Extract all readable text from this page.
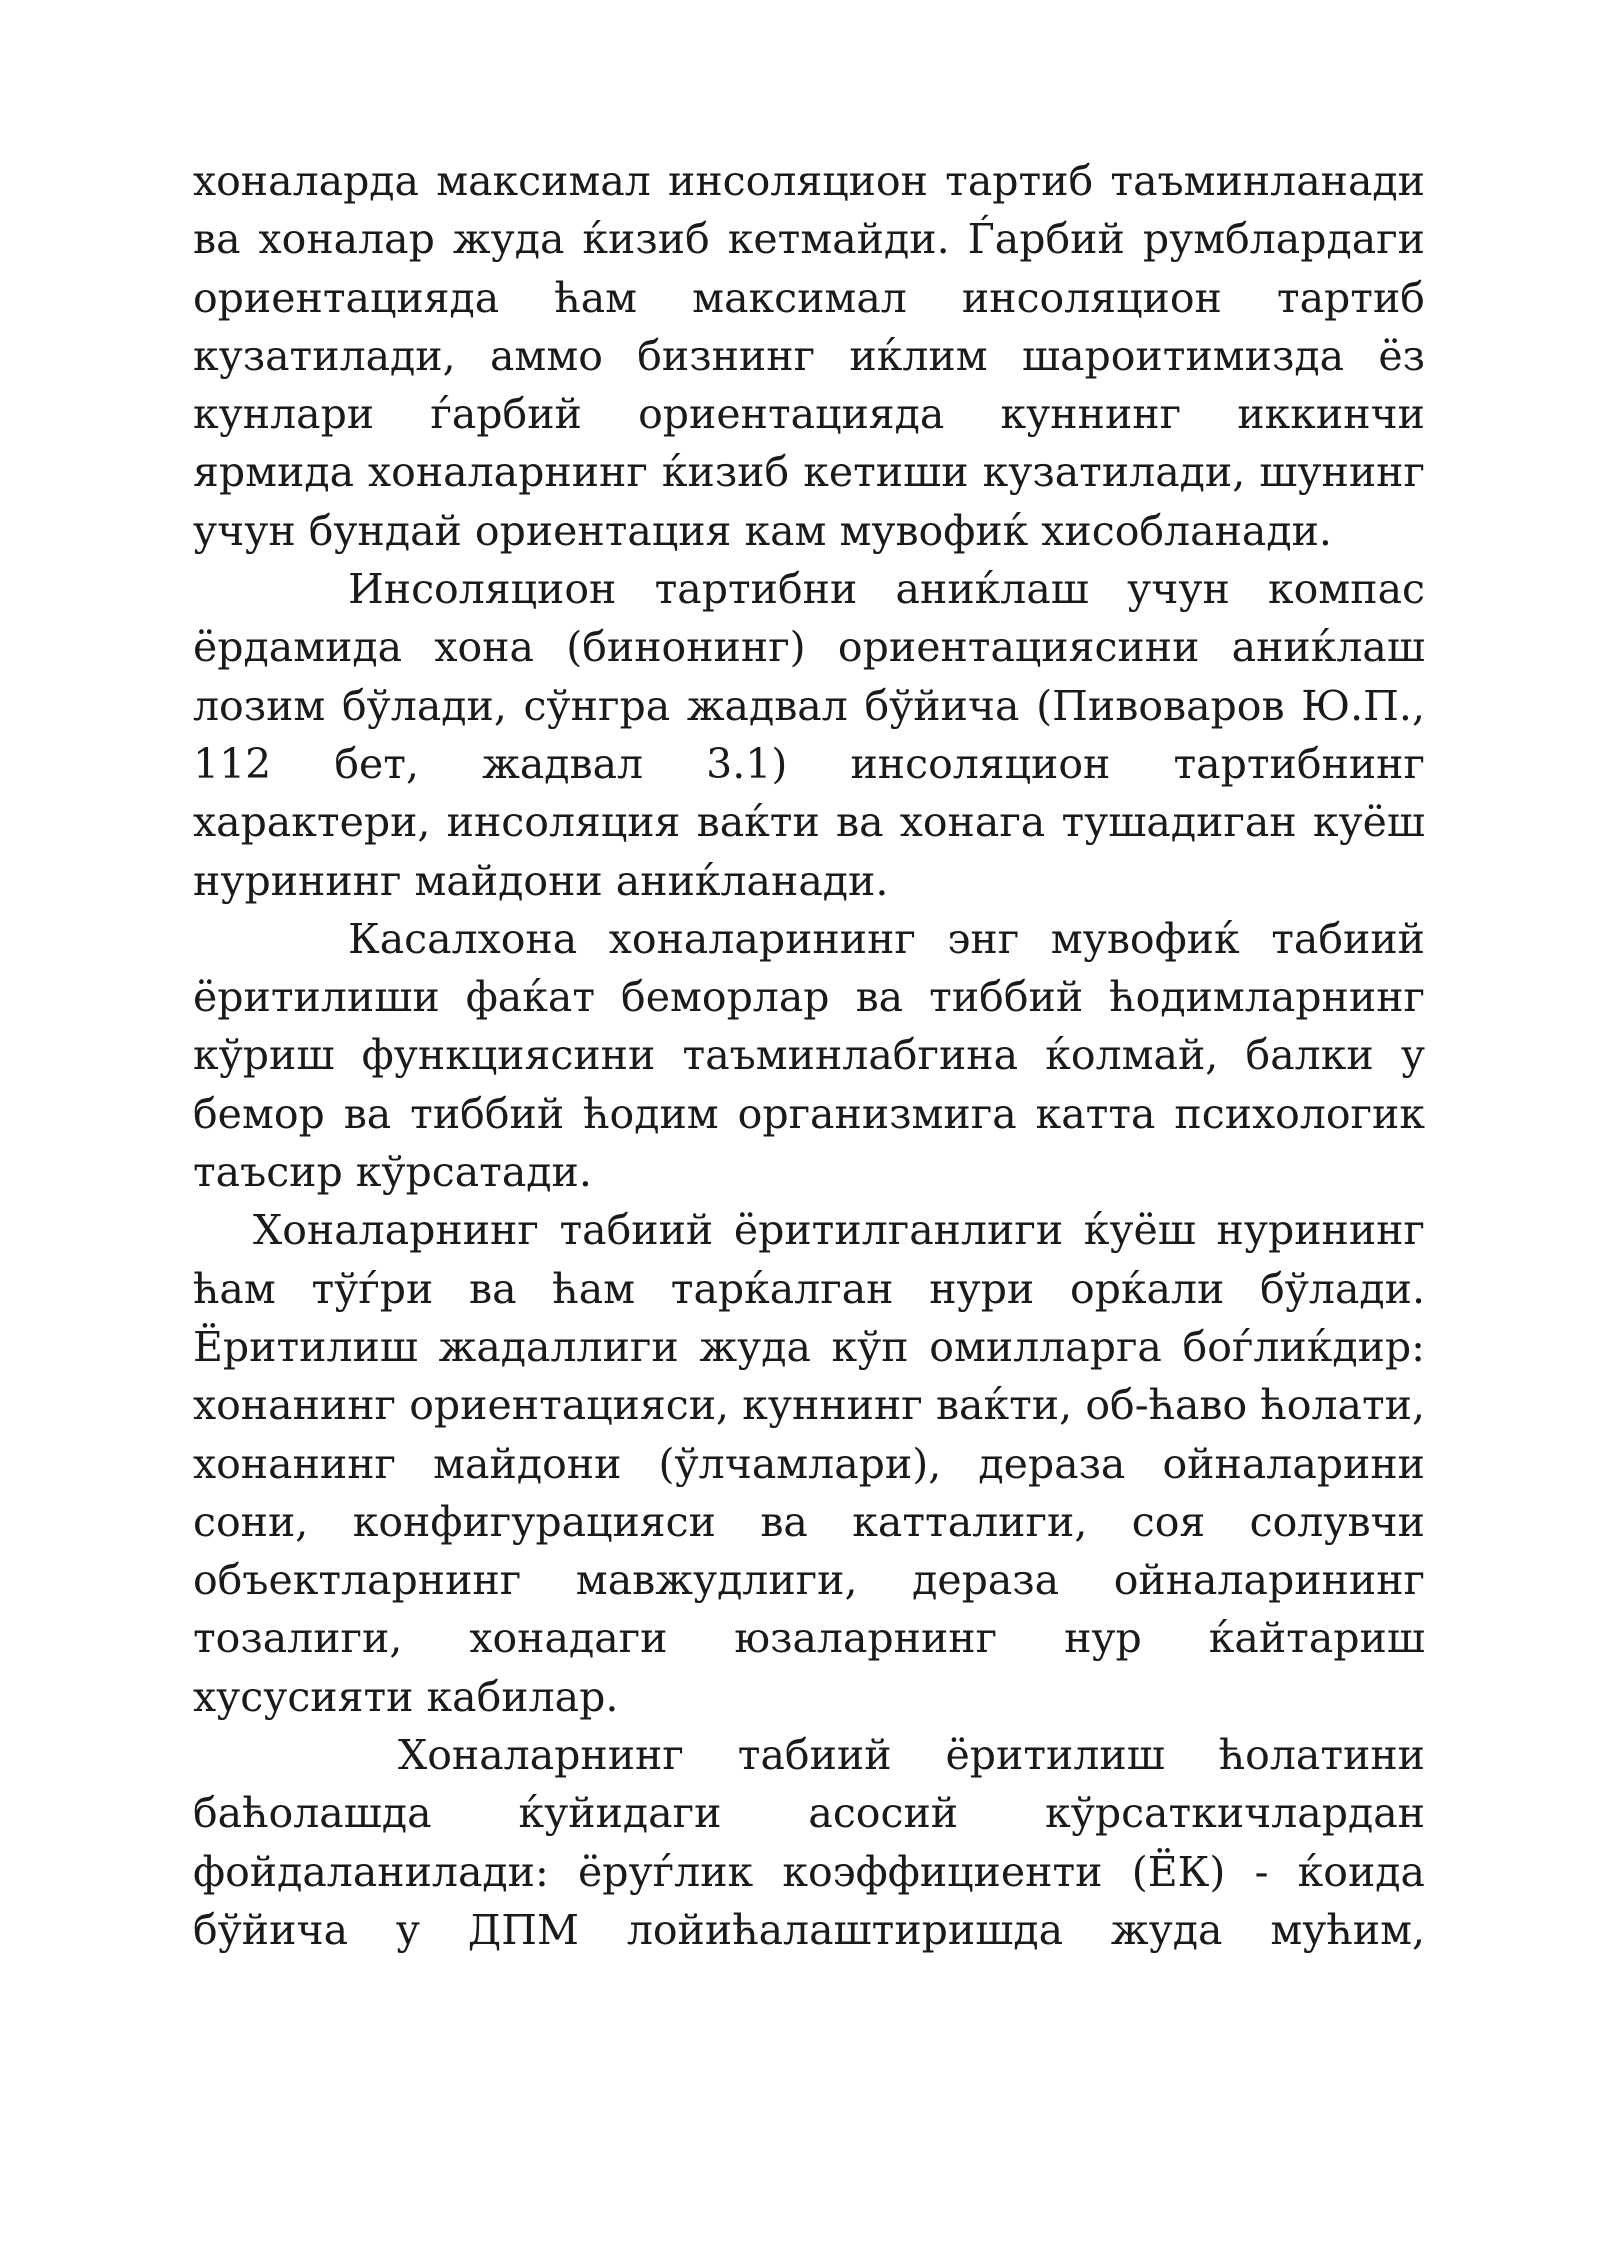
хоналарда максимал инсоляцион тартиб таъминланади ва хоналар жуда ќизиб кетмайди. Ѓарбий румблардаги ориентацияда ћам максимал инсоляцион тартиб кузатилади, аммо бизнинг иќлим шароитимизда ёз кунлари ѓарбий ориентацияда куннинг иккинчи ярмида хоналарнинг ќизиб кетиши кузатилади, шунинг учун бундай ориентация кам мувофиќ хисобланади.

Инсоляцион тартибни аниќлаш учун компас ёрдамида хона (бинонинг) ориентациясини аниќлаш лозим бўлади, сўнгра жадвал бўйича (Пивоваров Ю.П., 112 бет, жадвал 3.1) инсоляцион тартибнинг характери, инсоляция ваќти ва хонага тушадиган куёш нурининг майдони аниќланади.

Касалхона хоналарининг энг мувофиќ табиий ёритилиши фаќат беморлар ва тиббий ћодимларнинг кўриш функциясини таъминлабгина ќолмай, балки у бемор ва тиббий ћодим организмига катта психологик таъсир кўрсатади.

Хоналарнинг табиий ёритилганлиги ќуёш нурининг ћам тўѓри ва ћам тарќалган нури орќали бўлади. Ёритилиш жадаллиги жуда кўп омилларга боѓлиќдир: хонанинг ориентацияси, куннинг ваќти, об-ћаво ћолати, хонанинг майдони (ўлчамлари), дераза ойналарини сони, конфигурацияси ва катталиги, соя солувчи объектларнинг мавжудлиги, дераза ойналарининг тозалиги, хонадаги юзаларнинг нур ќайтариш хусусияти кабилар.

Хоналарнинг табиий ёритилиш ћолатини баћолашда ќуйидаги асосий кўрсаткичлардан фойдаланилади: ёруѓлик коэффициенти (ЁК) - ќоида бўйича у ДПМ лойићалаштиришда жуда мућим,
